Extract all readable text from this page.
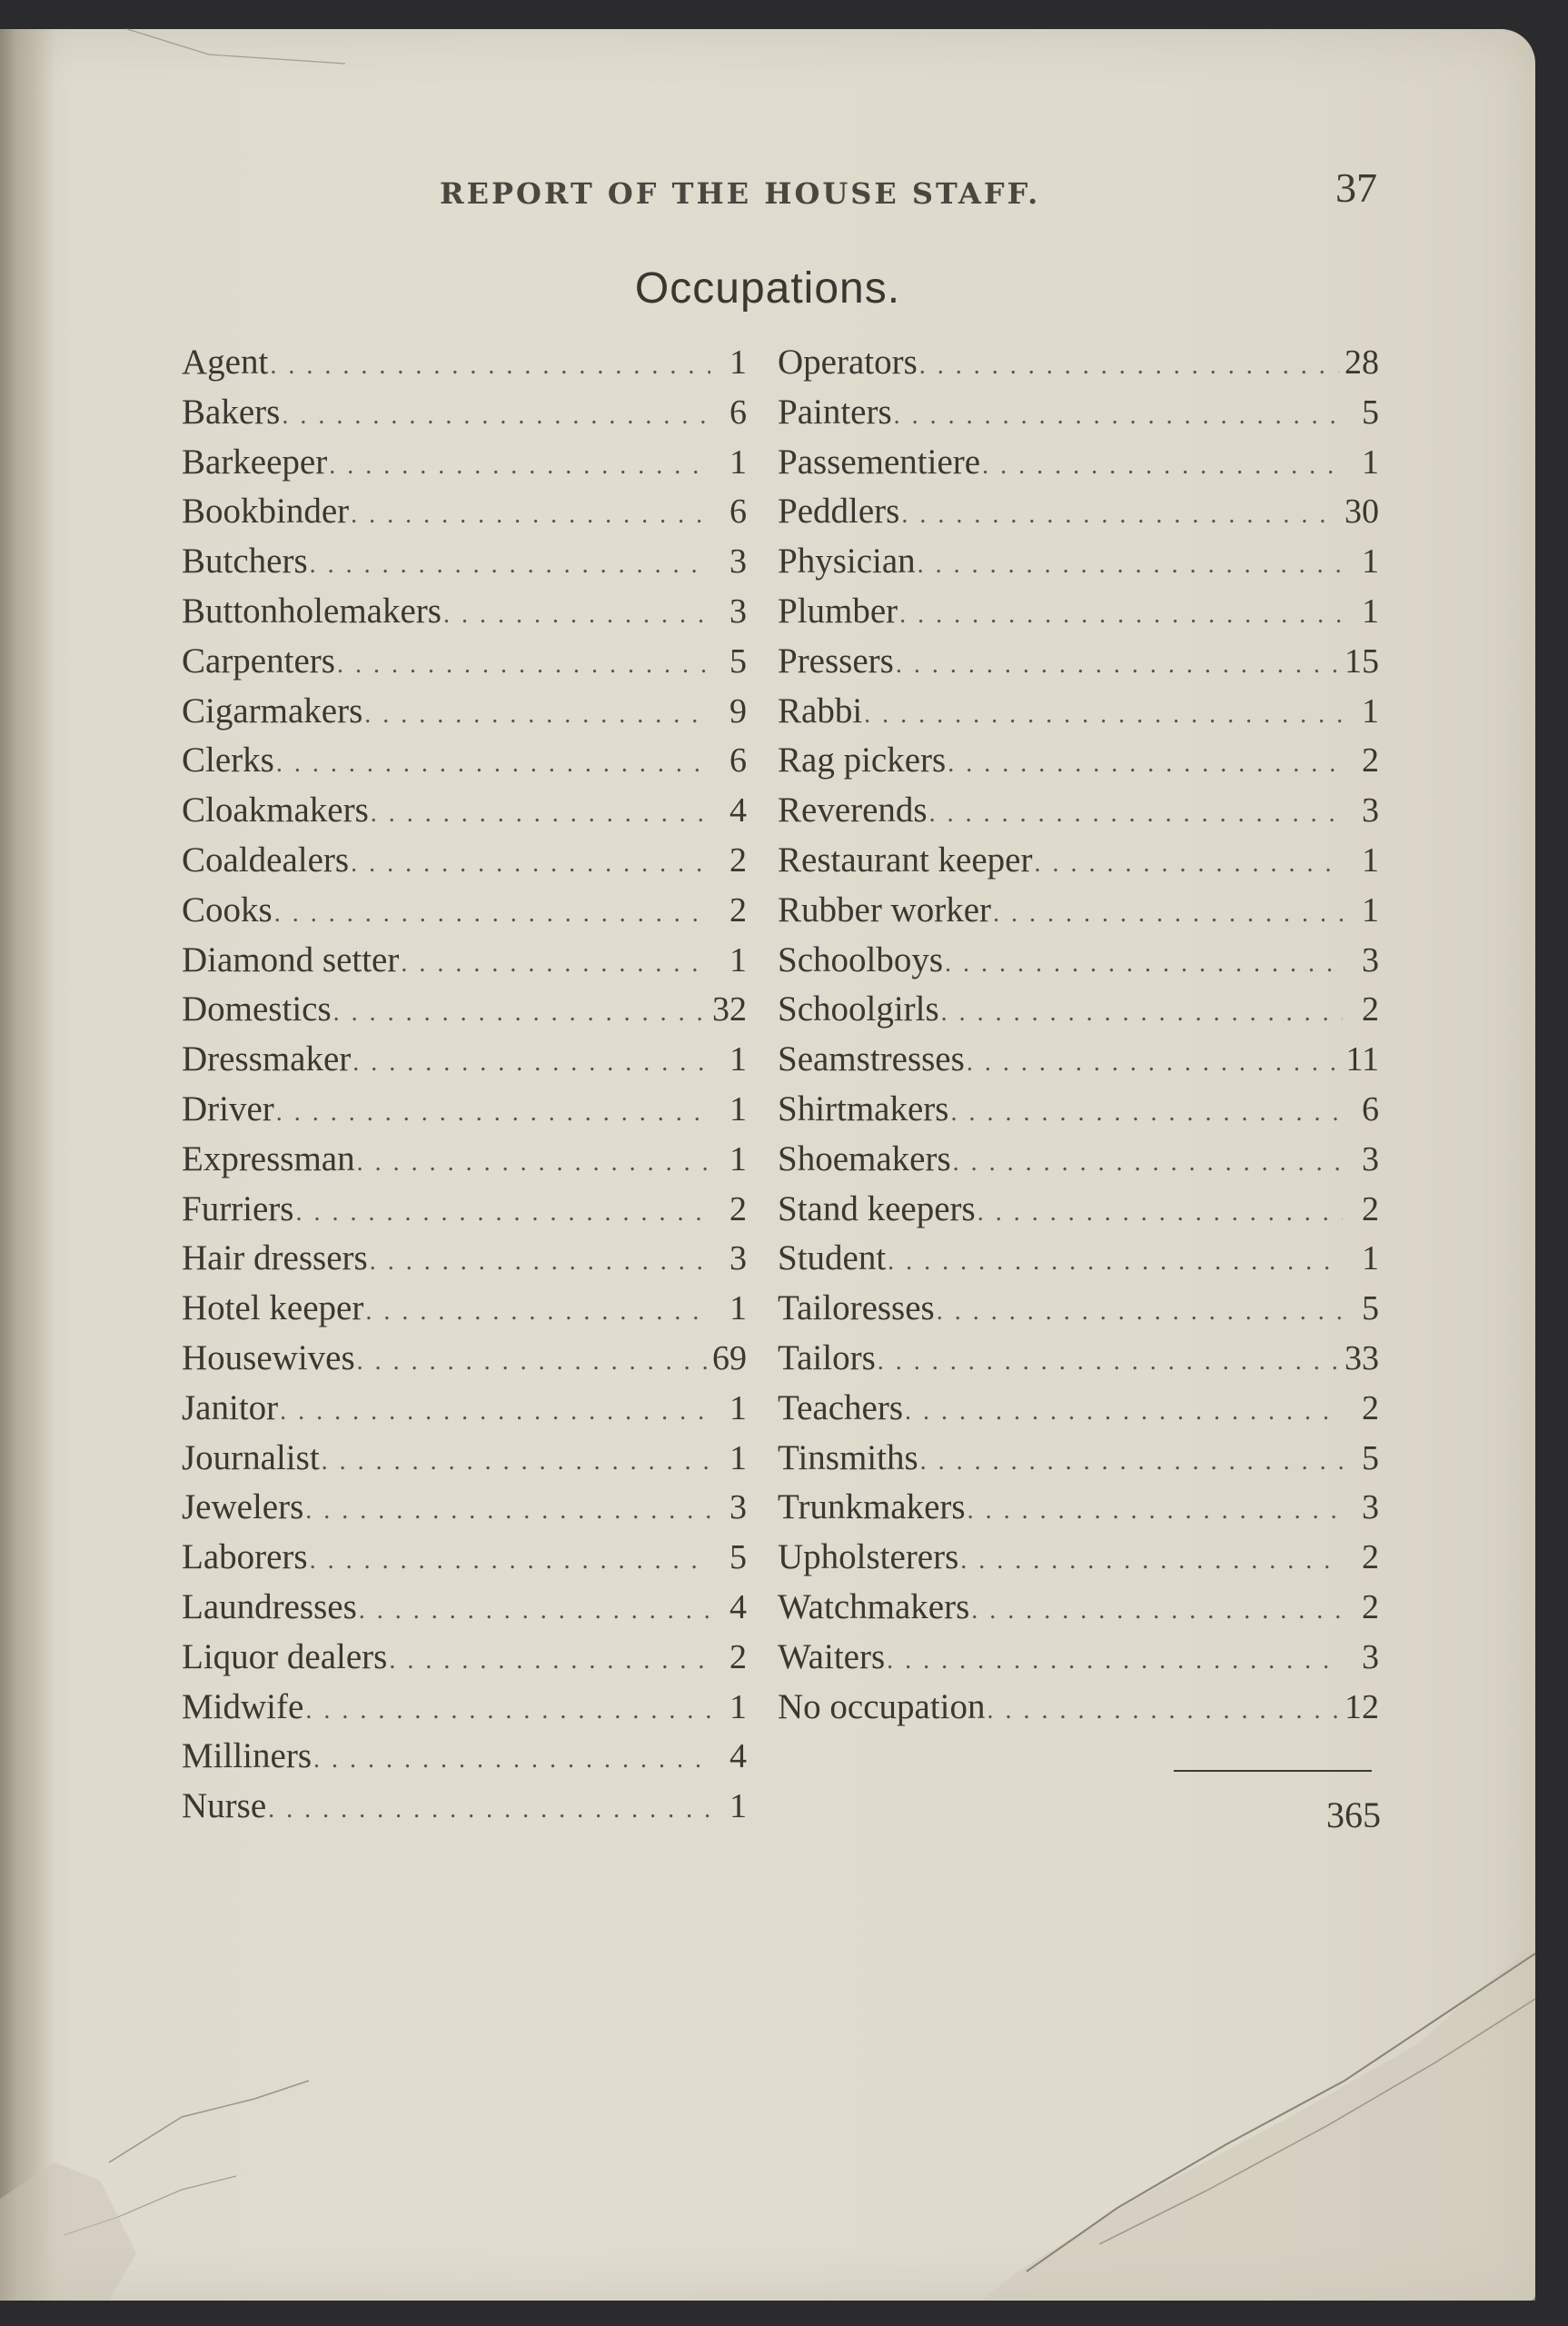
REPORT OF THE HOUSE STAFF.	37
Occupations.
Agent . . .	1
Bakers . . .	6
Barkeeper . . .	1
Bookbinder . . .	6
Butchers . . .	3
Buttonholemakers . . .	3
Carpenters . . .	5
Cigarmakers . . .	9
Clerks . . .	6
Cloakmakers . . .	4
Coaldealers . . .	2
Cooks . . .	2
Diamond setter . . .	1
Domestics . . .	32
Dressmaker . . .	1
Driver . . .	1
Expressman . . .	1
Furriers . . .	2
Hair dressers . . .	3
Hotel keeper . . .	1
Housewives . . .	69
Janitor . . .	1
Journalist . . .	1
Jewelers . . .	3
Laborers . . .	5
Laundresses . . .	4
Liquor dealers . . .	2
Midwife . . .	1
Milliners . . .	4
Nurse . . .	1
Operators . . .	28
Painters . . .	5
Passementiere . . .	1
Peddlers . . .	30
Physician . . .	1
Plumber . . .	1
Pressers . . .	15
Rabbi . . .	1
Rag pickers . . .	2
Reverends . . .	3
Restaurant keeper . . .	1
Rubber worker . . .	1
Schoolboys . . .	3
Schoolgirls . . .	2
Seamstresses . . .	11
Shirtmakers . . .	6
Shoemakers . . .	3
Stand keepers . . .	2
Student . . .	1
Tailoresses . . .	5
Tailors . . .	33
Teachers . . .	2
Tinsmiths . . .	5
Trunkmakers . . .	3
Upholsterers . . .	2
Watchmakers . . .	2
Waiters . . .	3
No occupation . . .	12
365
